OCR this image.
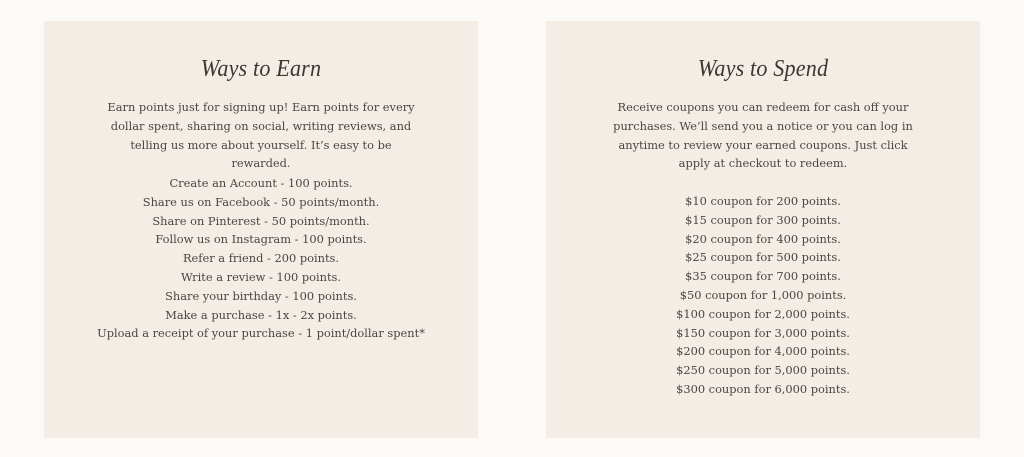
Ways to Earn

Earn points just for signing up! Earn points for every dollar spent, sharing on social, writing reviews, and telling us more about yourself. It’s easy to be rewarded.

Create an Account - 100 points.
Share us on Facebook - 50 points/month.
Share on Pinterest - 50 points/month.
Follow us on Instagram - 100 points.
Refer a friend - 200 points.
Write a review - 100 points.
Share your birthday - 100 points.
Make a purchase - 1x - 2x points.
Upload a receipt of your purchase - 1 point/dollar spent*
Ways to Spend

Receive coupons you can redeem for cash off your purchases. We’ll send you a notice or you can log in anytime to review your earned coupons. Just click apply at checkout to redeem.

$10 coupon for 200 points.
$15 coupon for 300 points.
$20 coupon for 400 points.
$25 coupon for 500 points.
$35 coupon for 700 points.
$50 coupon for 1,000 points.
$100 coupon for 2,000 points.
$150 coupon for 3,000 points.
$200 coupon for 4,000 points.
$250 coupon for 5,000 points.
$300 coupon for 6,000 points.
